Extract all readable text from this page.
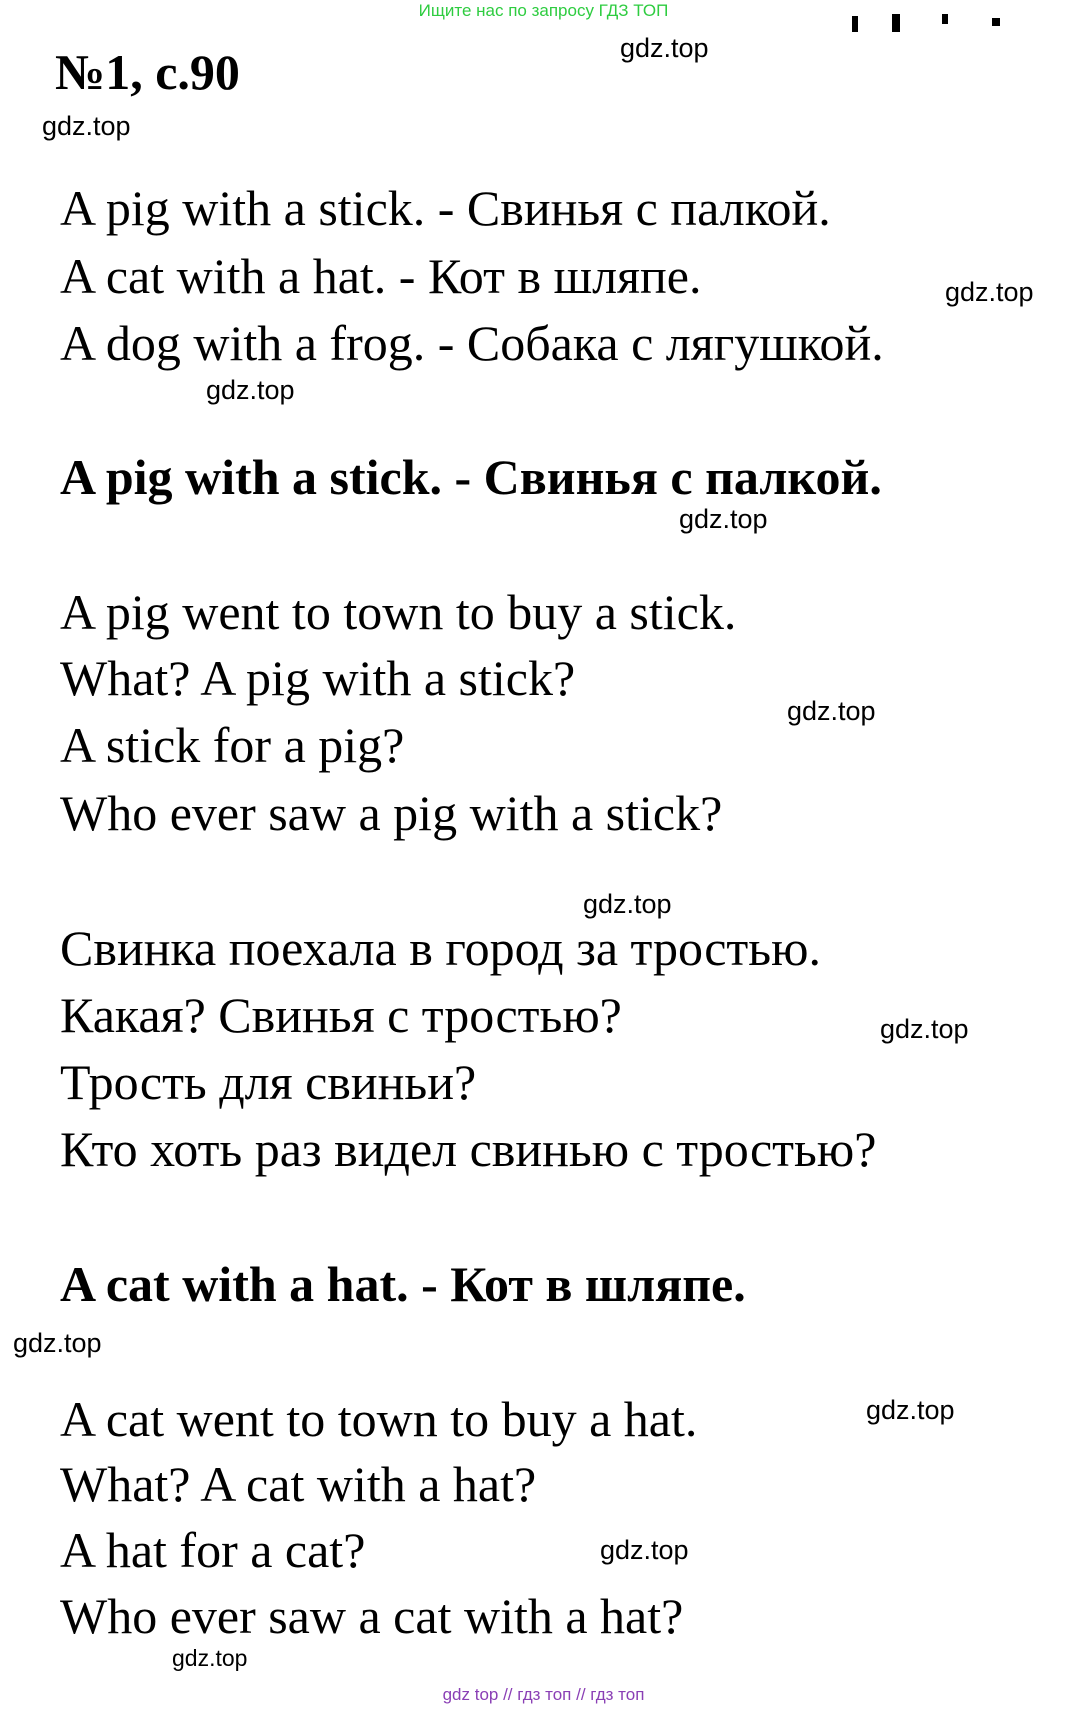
Ищите нас по запросу ГДЗ ТОП
№1, с.90	gdz.top
gdz.top
A pig with a stick. - Свинья с палкой.
A cat with a hat. - Кот в шляпе.	gdz.top
A dog with a frog. - Собака с лягушкой.
gdz.top
A pig with a stick. - Свинья с палкой.
gdz.top
A pig went to town to buy a stick.
What? A pig with a stick?
gdz.top
A stick for a pig?
Who ever saw a pig with a stick?
gdz.top
Свинка поехала в город за тростью.
Какая? Свинья с тростью?	gdz.top
Трость для свиньи?
Кто хоть раз видел свинью с тростью?
A cat with a hat. - Кот в шляпе.
gdz.top
A cat went to town to buy a hat.	gdz.top
What? A cat with a hat?
A hat for a cat?	gdz.top
Who ever saw a cat with a hat?
gdz.top
gdz top // гдз топ // гдз топ
